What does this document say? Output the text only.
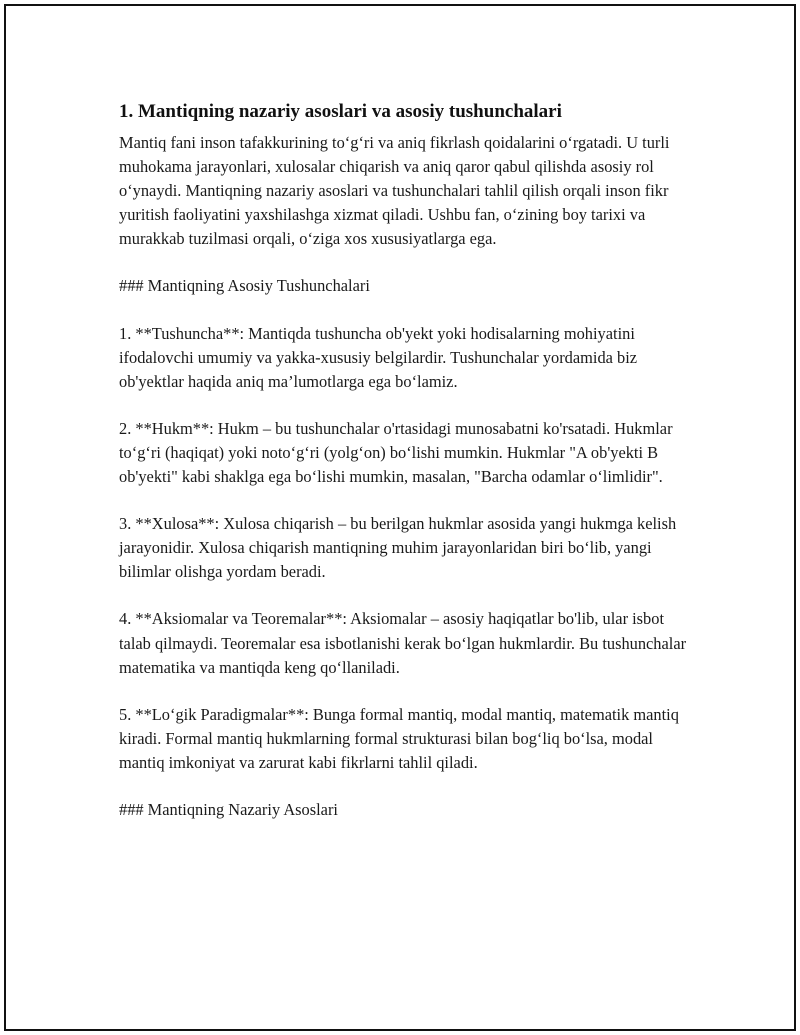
1. Mantiqning nazariy asoslari va asosiy tushunchalari

Mantiq fani inson tafakkurining to‘g‘ri va aniq fikrlash qoidalarini o‘rgatadi. U turli muhokama jarayonlari, xulosalar chiqarish va aniq qaror qabul qilishda asosiy rol o‘ynaydi. Mantiqning nazariy asoslari va tushunchalari tahlil qilish orqali inson fikr yuritish faoliyatini yaxshilashga xizmat qiladi. Ushbu fan, o‘zining boy tarixi va murakkab tuzilmasi orqali, o‘ziga xos xususiyatlarga ega.

### Mantiqning Asosiy Tushunchalari

1. **Tushuncha**: Mantiqda tushuncha ob'yekt yoki hodisalarning mohiyatini ifodalovchi umumiy va yakka-xususiy belgilardir. Tushunchalar yordamida biz ob'yektlar haqida aniq ma’lumotlarga ega bo‘lamiz.

2. **Hukm**: Hukm – bu tushunchalar o'rtasidagi munosabatni ko'rsatadi. Hukmlar to‘g‘ri (haqiqat) yoki noto‘g‘ri (yolg‘on) bo‘lishi mumkin. Hukmlar "A ob'yekti B ob'yekti" kabi shaklga ega bo‘lishi mumkin, masalan, "Barcha odamlar o‘limlidir".

3. **Xulosa**: Xulosa chiqarish – bu berilgan hukmlar asosida yangi hukmga kelish jarayonidir. Xulosa chiqarish mantiqning muhim jarayonlaridan biri bo‘lib, yangi bilimlar olishga yordam beradi.

4. **Aksiomalar va Teoremalar**: Aksiomalar – asosiy haqiqatlar bo'lib, ular isbot talab qilmaydi. Teoremalar esa isbotlanishi kerak bo‘lgan hukmlardir. Bu tushunchalar matematika va mantiqda keng qo‘llaniladi.

5. **Lo‘gik Paradigmalar**: Bunga formal mantiq, modal mantiq, matematik mantiq kiradi. Formal mantiq hukmlarning formal strukturasi bilan bog‘liq bo‘lsa, modal mantiq imkoniyat va zarurat kabi fikrlarni tahlil qiladi.

### Mantiqning Nazariy Asoslari
